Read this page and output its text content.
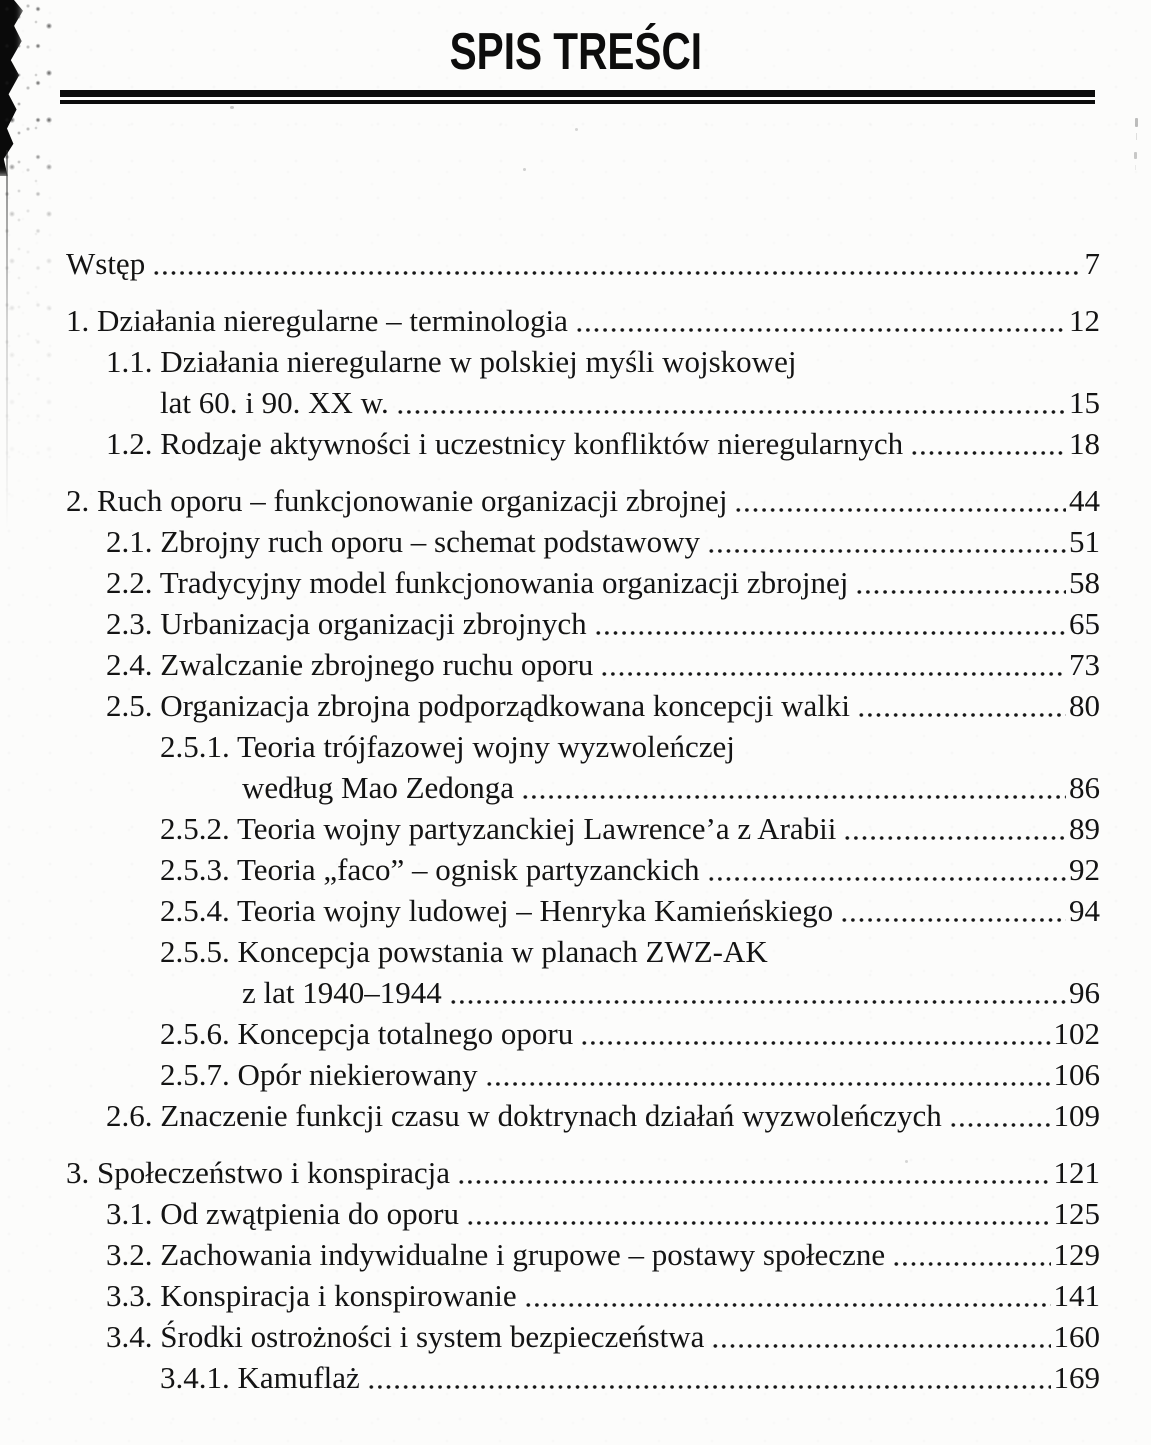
SPIS TREŚCI
Wstęp	7
1. Działania nieregularne – terminologia	12
1.1. Działania nieregularne w polskiej myśli wojskowej
lat 60. i 90. XX w.	15
1.2. Rodzaje aktywności i uczestnicy konfliktów nieregularnych	18
2. Ruch oporu – funkcjonowanie organizacji zbrojnej	44
2.1. Zbrojny ruch oporu – schemat podstawowy	51
2.2. Tradycyjny model funkcjonowania organizacji zbrojnej	58
2.3. Urbanizacja organizacji zbrojnych	65
2.4. Zwalczanie zbrojnego ruchu oporu	73
2.5. Organizacja zbrojna podporządkowana koncepcji walki	80
2.5.1. Teoria trójfazowej wojny wyzwoleńczej
według Mao Zedonga	86
2.5.2. Teoria wojny partyzanckiej Lawrence’a z Arabii	89
2.5.3. Teoria „faco” – ognisk partyzanckich	92
2.5.4. Teoria wojny ludowej – Henryka Kamieńskiego	94
2.5.5. Koncepcja powstania w planach ZWZ-AK
z lat 1940–1944	96
2.5.6. Koncepcja totalnego oporu	102
2.5.7. Opór niekierowany	106
2.6. Znaczenie funkcji czasu w doktrynach działań wyzwoleńczych	109
3. Społeczeństwo i konspiracja	121
3.1. Od zwątpienia do oporu	125
3.2. Zachowania indywidualne i grupowe – postawy społeczne	129
3.3. Konspiracja i konspirowanie	141
3.4. Środki ostrożności i system bezpieczeństwa	160
3.4.1. Kamuflaż	169
